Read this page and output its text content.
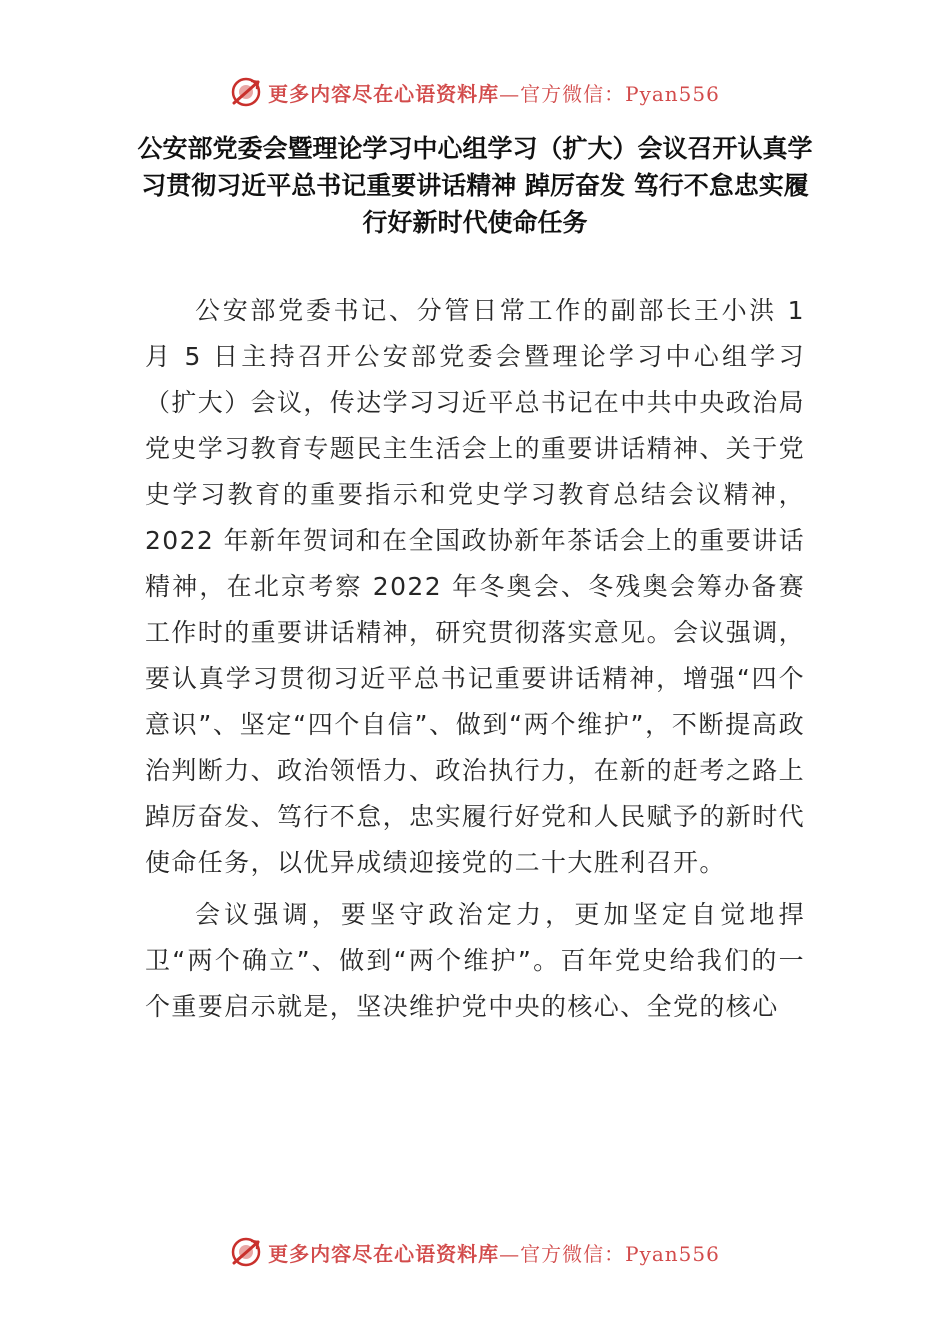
更多内容尽在心语资料库—官方微信：Pyan556
公安部党委会暨理论学习中心组学习（扩大）会议召开认真学习贯彻习近平总书记重要讲话精神 踔厉奋发 笃行不怠忠实履行好新时代使命任务

公安部党委书记、分管日常工作的副部长王小洪 1 月 5 日主持召开公安部党委会暨理论学习中心组学习（扩大）会议，传达学习习近平总书记在中共中央政治局党史学习教育专题民主生活会上的重要讲话精神、关于党史学习教育的重要指示和党史学习教育总结会议精神，2022 年新年贺词和在全国政协新年茶话会上的重要讲话精神，在北京考察 2022 年冬奥会、冬残奥会筹办备赛工作时的重要讲话精神，研究贯彻落实意见。会议强调，要认真学习贯彻习近平总书记重要讲话精神，增强“四个意识”、坚定“四个自信”、做到“两个维护”，不断提高政治判断力、政治领悟力、政治执行力，在新的赶考之路上踔厉奋发、笃行不怠，忠实履行好党和人民赋予的新时代使命任务，以优异成绩迎接党的二十大胜利召开。

会议强调，要坚守政治定力，更加坚定自觉地捍卫“两个确立”、做到“两个维护”。百年党史给我们的一个重要启示就是，坚决维护党中央的核心、全党的核心

更多内容尽在心语资料库—官方微信：Pyan556
